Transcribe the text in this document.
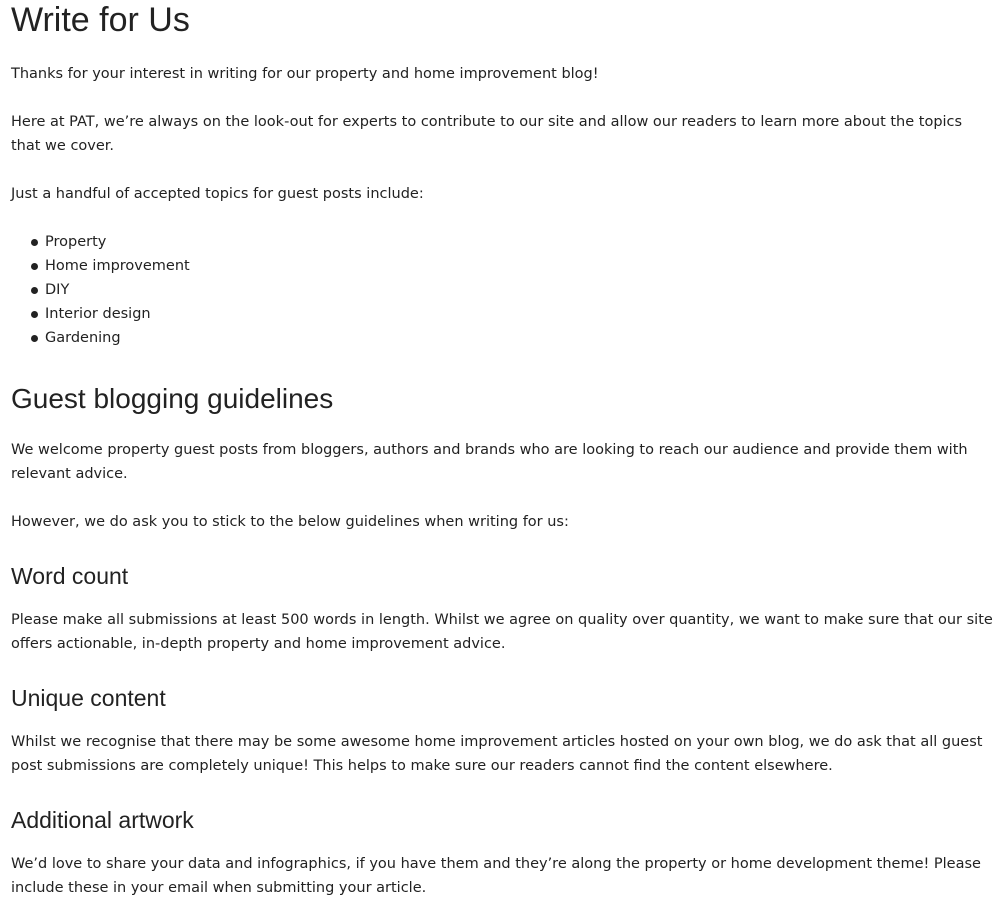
Write for Us

Thanks for your interest in writing for our property and home improvement blog!

Here at PAT, we’re always on the look-out for experts to contribute to our site and allow our readers to learn more about the topics that we cover.

Just a handful of accepted topics for guest posts include:

Property
Home improvement
DIY
Interior design
Gardening
Guest blogging guidelines

We welcome property guest posts from bloggers, authors and brands who are looking to reach our audience and provide them with relevant advice.

However, we do ask you to stick to the below guidelines when writing for us:

Word count

Please make all submissions at least 500 words in length. Whilst we agree on quality over quantity, we want to make sure that our site offers actionable, in-depth property and home improvement advice.

Unique content

Whilst we recognise that there may be some awesome home improvement articles hosted on your own blog, we do ask that all guest post submissions are completely unique! This helps to make sure our readers cannot find the content elsewhere.

Additional artwork

We’d love to share your data and infographics, if you have them and they’re along the property or home development theme! Please include these in your email when submitting your article.
